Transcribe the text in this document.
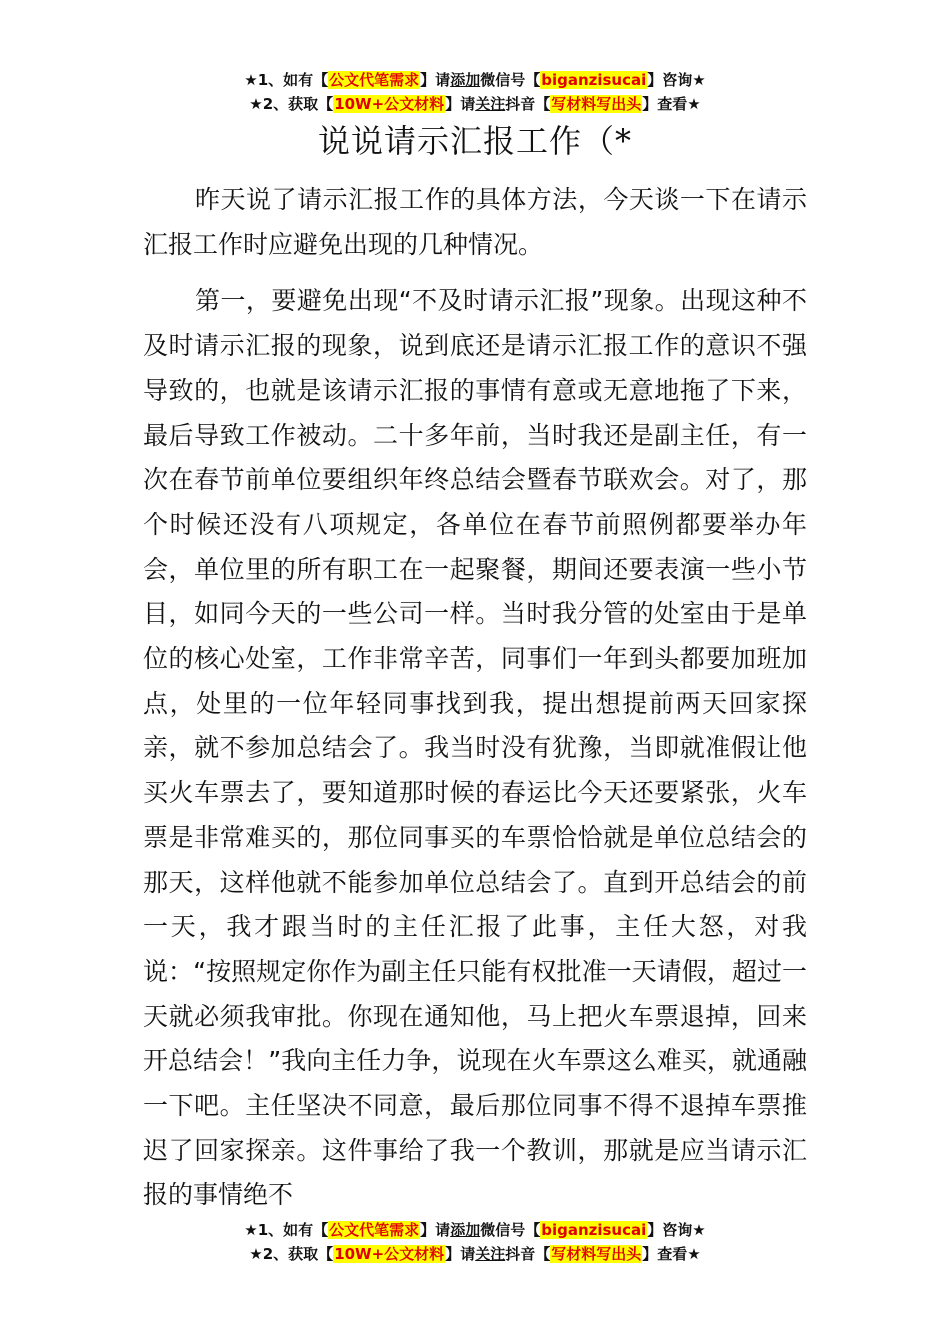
★1、如有【公文代笔需求】请添加微信号【biganzisucai】咨询★
★2、获取【10W+公文材料】请关注抖音【写材料写出头】查看★
说说请示汇报工作（*

昨天说了请示汇报工作的具体方法，今天谈一下在请示汇报工作时应避免出现的几种情况。

第一，要避免出现“不及时请示汇报”现象。出现这种不及时请示汇报的现象，说到底还是请示汇报工作的意识不强导致的，也就是该请示汇报的事情有意或无意地拖了下来，最后导致工作被动。二十多年前，当时我还是副主任，有一次在春节前单位要组织年终总结会暨春节联欢会。对了，那个时候还没有八项规定，各单位在春节前照例都要举办年会，单位里的所有职工在一起聚餐，期间还要表演一些小节目，如同今天的一些公司一样。当时我分管的处室由于是单位的核心处室，工作非常辛苦，同事们一年到头都要加班加点，处里的一位年轻同事找到我，提出想提前两天回家探亲，就不参加总结会了。我当时没有犹豫，当即就准假让他买火车票去了，要知道那时候的春运比今天还要紧张，火车票是非常难买的，那位同事买的车票恰恰就是单位总结会的那天，这样他就不能参加单位总结会了。直到开总结会的前一天，我才跟当时的主任汇报了此事，主任大怒，对我说：“按照规定你作为副主任只能有权批准一天请假，超过一天就必须我审批。你现在通知他，马上把火车票退掉，回来开总结会！”我向主任力争，说现在火车票这么难买，就通融一下吧。主任坚决不同意，最后那位同事不得不退掉车票推迟了回家探亲。这件事给了我一个教训，那就是应当请示汇报的事情绝不

★1、如有【公文代笔需求】请添加微信号【biganzisucai】咨询★
★2、获取【10W+公文材料】请关注抖音【写材料写出头】查看★
